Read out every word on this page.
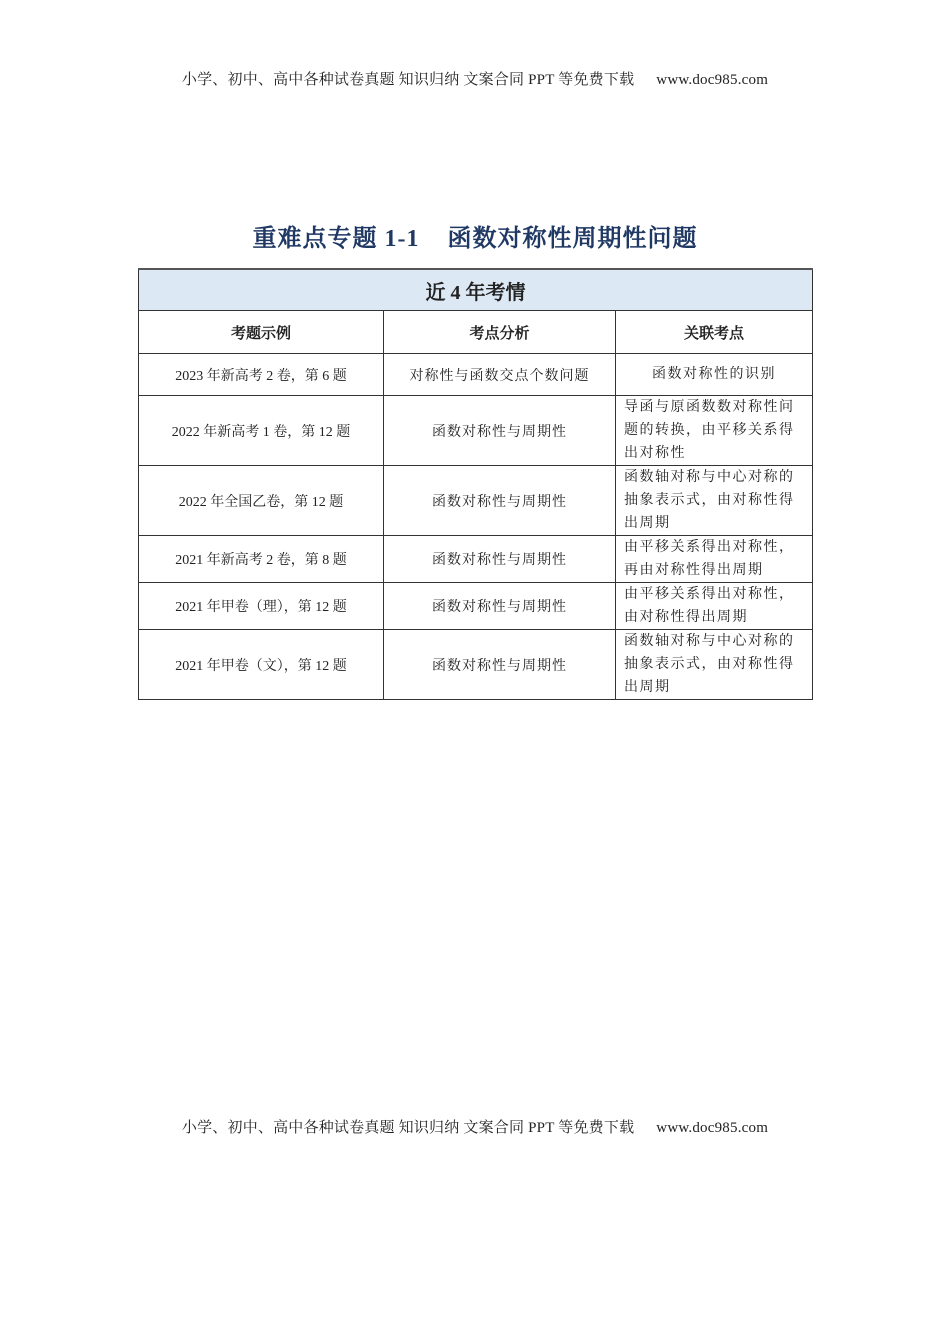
小学、初中、高中各种试卷真题 知识归纳 文案合同 PPT 等免费下载 www.doc985.com
重难点专题 1-1 函数对称性周期性问题
近 4 年考情		
考题示例	考点分析	关联考点
2023 年新高考 2 卷，第 6 题	对称性与函数交点个数问题	函数对称性的识别
2022 年新高考 1 卷，第 12 题	函数对称性与周期性	导函与原函数数对称性问题的转换，由平移关系得出对称性
2022 年全国乙卷，第 12 题	函数对称性与周期性	函数轴对称与中心对称的抽象表示式，由对称性得出周期
2021 年新高考 2 卷，第 8 题	函数对称性与周期性	由平移关系得出对称性，再由对称性得出周期
2021 年甲卷（理），第 12 题	函数对称性与周期性	由平移关系得出对称性，由对称性得出周期
2021 年甲卷（文），第 12 题	函数对称性与周期性	函数轴对称与中心对称的抽象表示式，由对称性得出周期
小学、初中、高中各种试卷真题 知识归纳 文案合同 PPT 等免费下载 www.doc985.com
